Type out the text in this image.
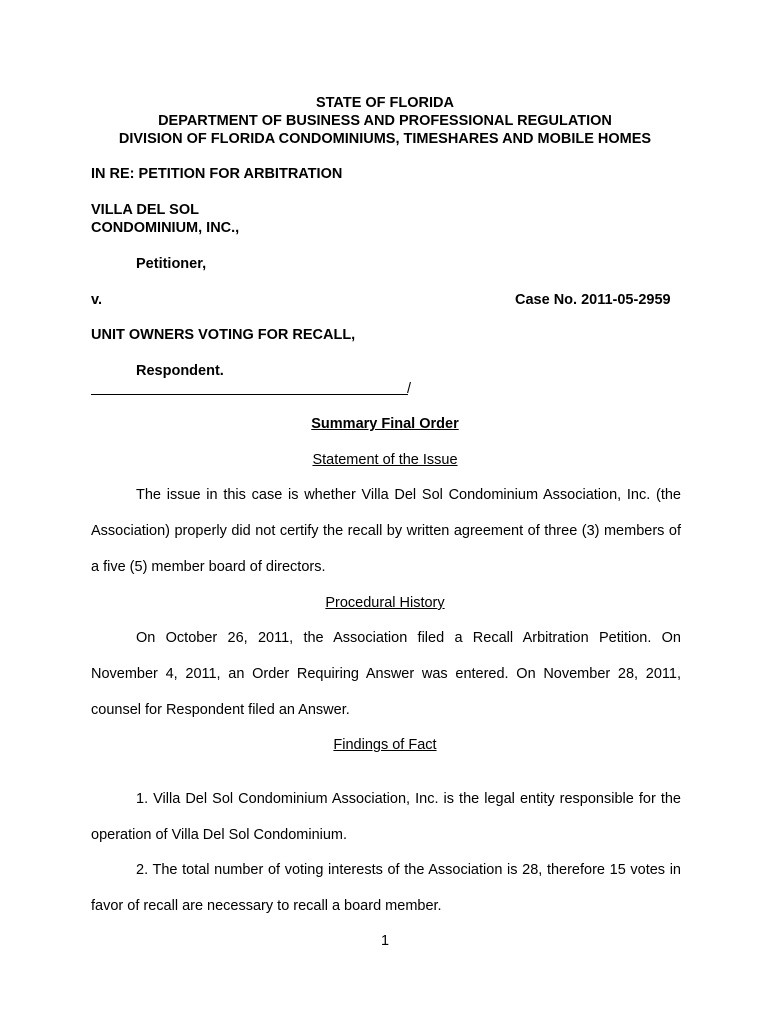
STATE OF FLORIDA
DEPARTMENT OF BUSINESS AND PROFESSIONAL REGULATION
DIVISION OF FLORIDA CONDOMINIUMS, TIMESHARES AND MOBILE HOMES
IN RE: PETITION FOR ARBITRATION
VILLA DEL SOL
CONDOMINIUM, INC.,
Petitioner,
v.	Case No. 2011-05-2959
UNIT OWNERS VOTING FOR RECALL,
Respondent.
/
Summary Final Order
Statement of the Issue

The issue in this case is whether Villa Del Sol Condominium Association, Inc. (the Association) properly did not certify the recall by written agreement of three (3) members of a five (5) member board of directors.

Procedural History

On October 26, 2011, the Association filed a Recall Arbitration Petition. On November 4, 2011, an Order Requiring Answer was entered. On November 28, 2011, counsel for Respondent filed an Answer.

Findings of Fact

1. Villa Del Sol Condominium Association, Inc. is the legal entity responsible for the operation of Villa Del Sol Condominium.

2. The total number of voting interests of the Association is 28, therefore 15 votes in favor of recall are necessary to recall a board member.

1
